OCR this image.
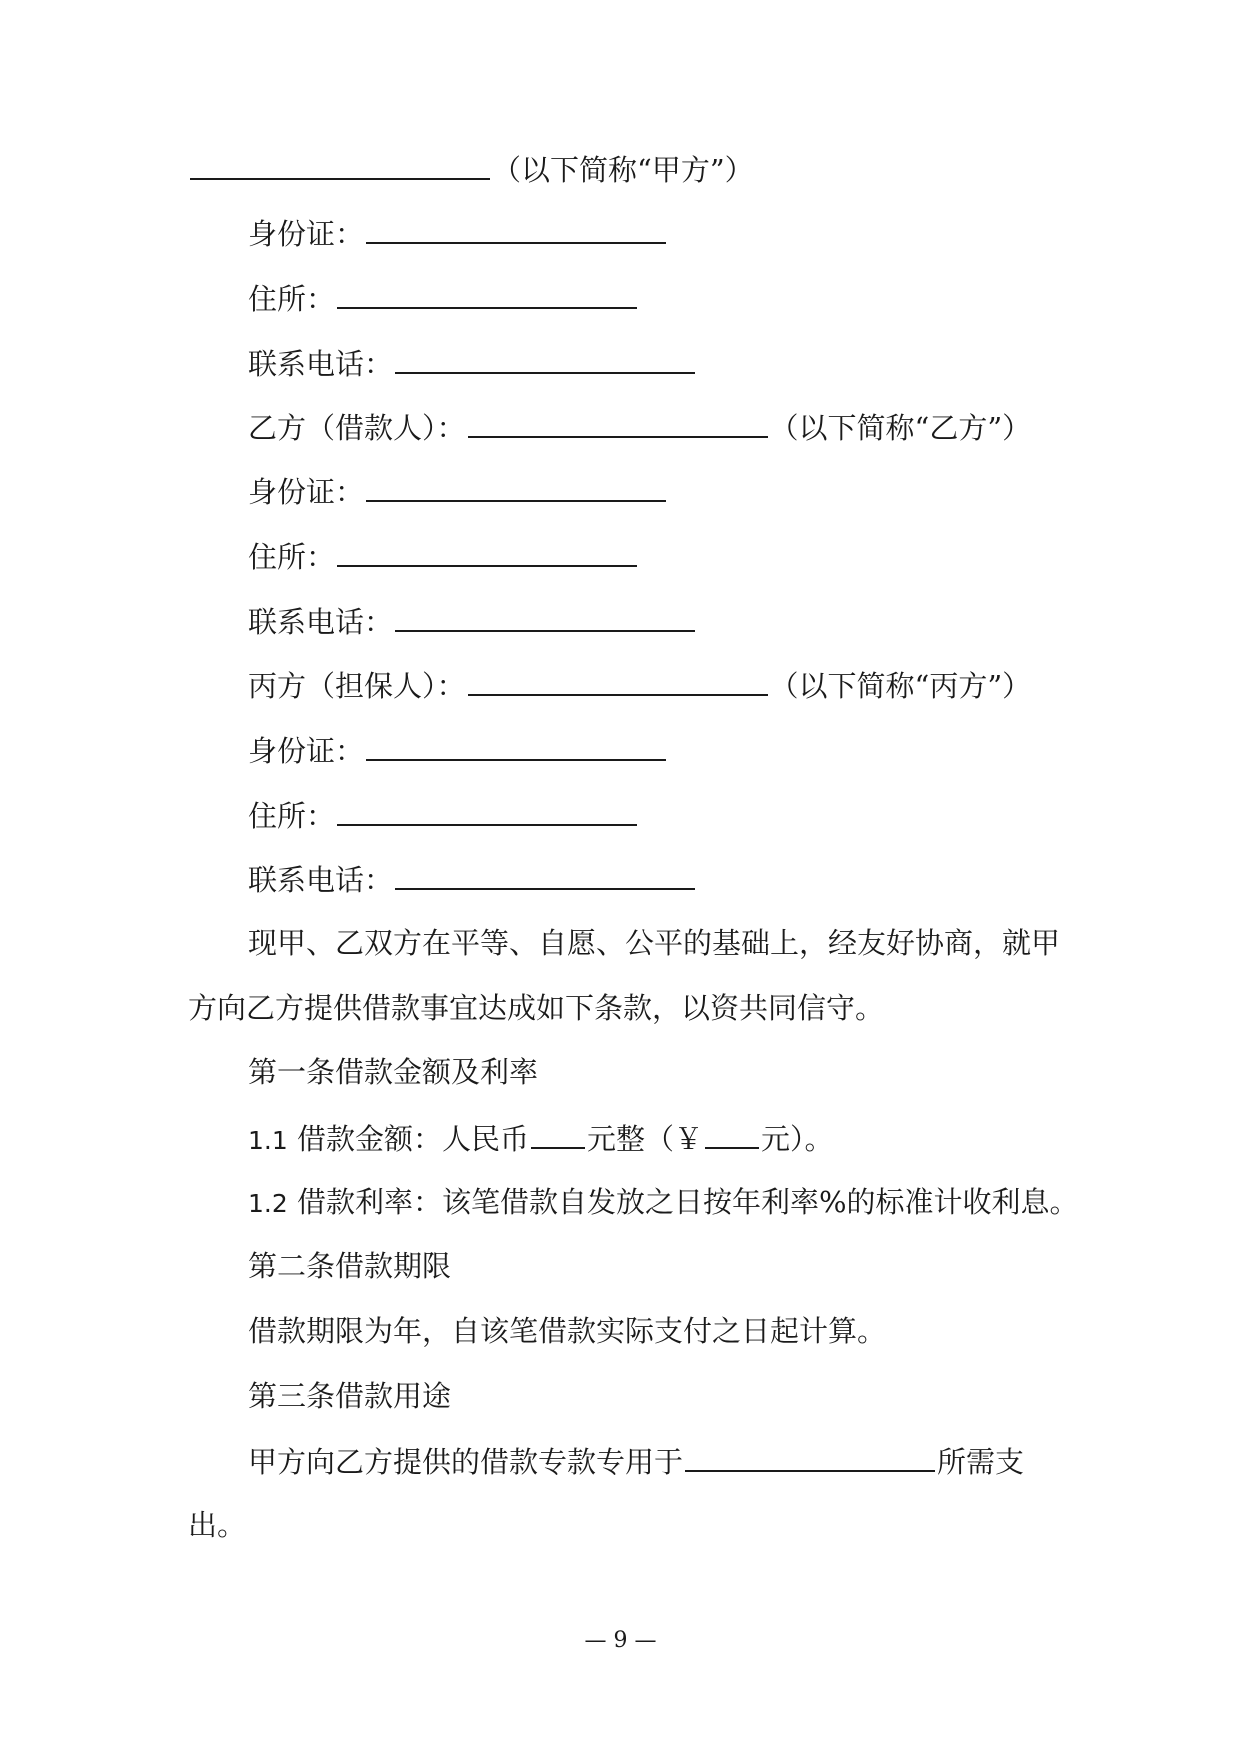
（以下简称“甲方”）
身份证：
住所：
联系电话：
乙方（借款人）：	（以下简称“乙方”）
身份证：
住所：
联系电话：
丙方（担保人）：	（以下简称“丙方”）
身份证：
住所：
联系电话：
现甲、乙双方在平等、自愿、公平的基础上，经友好协商，就甲
方向乙方提供借款事宜达成如下条款，以资共同信守。
第一条借款金额及利率
1.1 借款金额：人民币 元整（￥ 元）。
1.2 借款利率：该笔借款自发放之日按年利率%的标准计收利息。
第二条借款期限
借款期限为年，自该笔借款实际支付之日起计算。
第三条借款用途
甲方向乙方提供的借款专款专用于	所需支
出。
— 9 —
